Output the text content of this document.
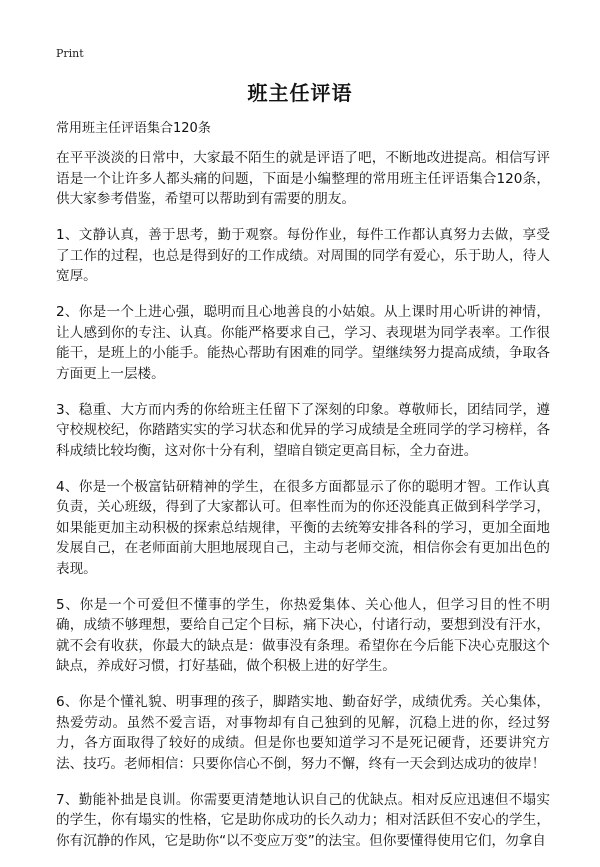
Print
班主任评语
常用班主任评语集合120条

在平平淡淡的日常中，大家最不陌生的就是评语了吧，不断地改进提高。相信写评语是一个让许多人都头痛的问题，下面是小编整理的常用班主任评语集合120条，供大家参考借鉴，希望可以帮助到有需要的朋友。

1、文静认真，善于思考，勤于观察。每份作业，每件工作都认真努力去做，享受了工作的过程，也总是得到好的工作成绩。对周围的同学有爱心，乐于助人，待人宽厚。

2、你是一个上进心强，聪明而且心地善良的小姑娘。从上课时用心听讲的神情，让人感到你的专注、认真。你能严格要求自己，学习、表现堪为同学表率。工作很能干，是班上的小能手。能热心帮助有困难的同学。望继续努力提高成绩，争取各方面更上一层楼。

3、稳重、大方而内秀的你给班主任留下了深刻的印象。尊敬师长，团结同学，遵守校规校纪，你踏踏实实的学习状态和优异的学习成绩是全班同学的学习榜样，各科成绩比较均衡，这对你十分有利，望暗自锁定更高目标，全力奋进。

4、你是一个极富钻研精神的学生，在很多方面都显示了你的聪明才智。工作认真负责，关心班级，得到了大家都认可。但率性而为的你还没能真正做到科学学习，如果能更加主动积极的探索总结规律，平衡的去统筹安排各科的学习，更加全面地发展自己，在老师面前大胆地展现自己，主动与老师交流，相信你会有更加出色的表现。

5、你是一个可爱但不懂事的学生，你热爱集体、关心他人，但学习目的性不明确，成绩不够理想，要给自己定个目标，痛下决心，付诸行动，要想到没有汗水，就不会有收获，你最大的缺点是：做事没有条理。希望你在今后能下决心克服这个缺点，养成好习惯，打好基础，做个积极上进的好学生。

6、你是个懂礼貌、明事理的孩子，脚踏实地、勤奋好学，成绩优秀。关心集体，热爱劳动。虽然不爱言语，对事物却有自己独到的见解，沉稳上进的你，经过努力，各方面取得了较好的成绩。但是你也要知道学习不是死记硬背，还要讲究方法、技巧。老师相信：只要你信心不倒，努力不懈，终有一天会到达成功的彼岸！

7、勤能补拙是良训。你需要更清楚地认识自己的优缺点。相对反应迅速但不塌实的学生，你有塌实的性格，它是助你成功的长久动力；相对活跃但不安心的学生，你有沉静的作风，它是助你“以不变应万变”的法宝。但你要懂得使用它们，勿拿自
